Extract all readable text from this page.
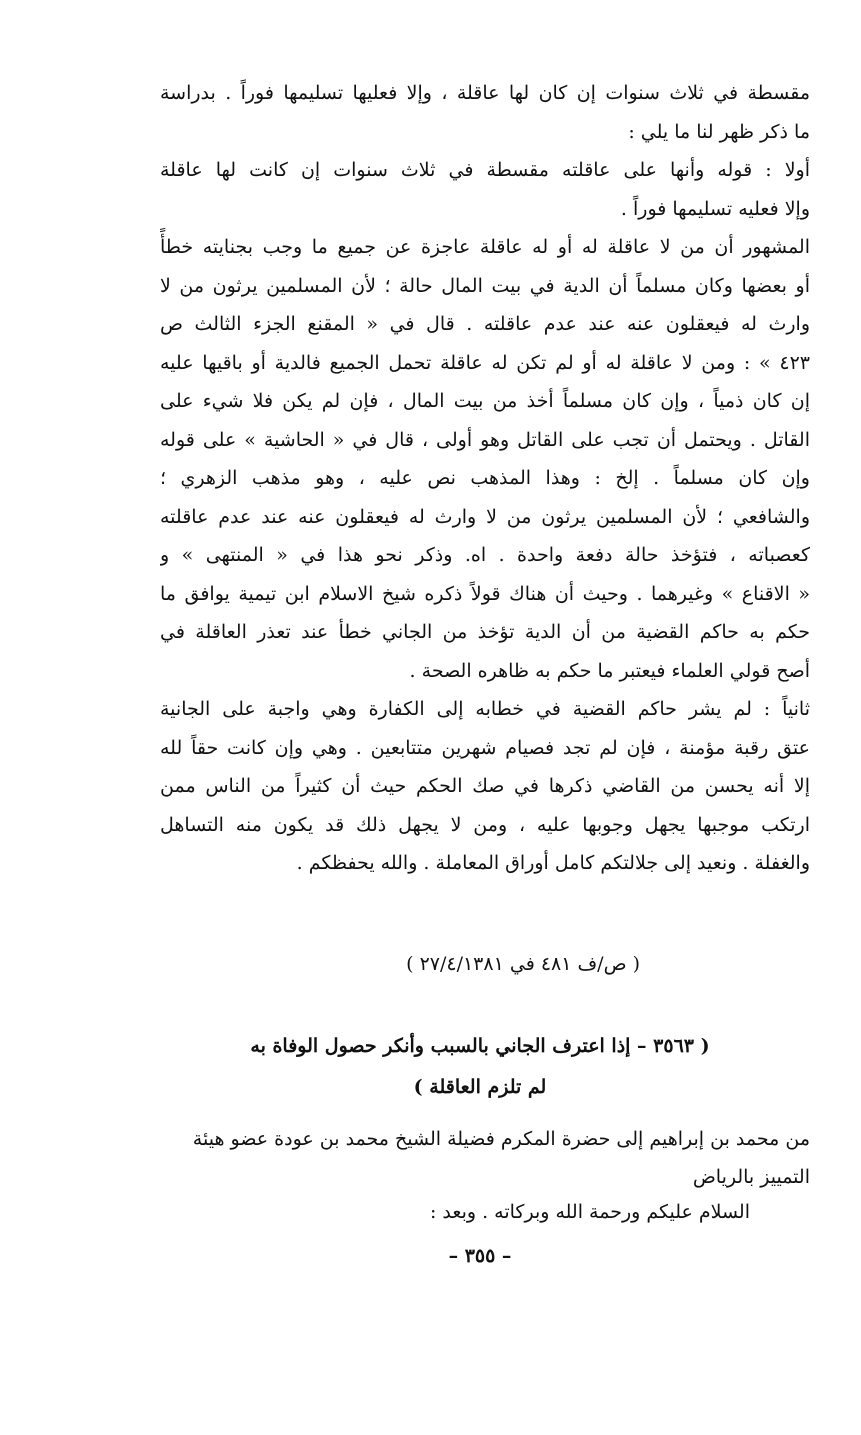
مقسطة في ثلاث سنوات إن كان لها عاقلة ، وإلا فعليها تسليمها فوراً . بدراسة
ما ذكر ظهر لنا ما يلي :
أولا : قوله وأنها على عاقلته مقسطة في ثلاث سنوات إن كانت لها عاقلة
وإلا فعليه تسليمها فوراً .
المشهور أن من لا عاقلة له أو له عاقلة عاجزة عن جميع ما وجب بجنايته خطأً
أو بعضها وكان مسلماً أن الدية في بيت المال حالة ؛ لأن المسلمين يرثون من لا
وارث له فيعقلون عنه عند عدم عاقلته . قال في « المقنع الجزء الثالث ص
٤٢٣ » : ومن لا عاقلة له أو لم تكن له عاقلة تحمل الجميع فالدية أو باقيها عليه
إن كان ذمياً ، وإن كان مسلماً أخذ من بيت المال ، فإن لم يكن فلا شيء على
القاتل . ويحتمل أن تجب على القاتل وهو أولى ، قال في « الحاشية » على قوله
وإن كان مسلماً . إلخ : وهذا المذهب نص عليه ، وهو مذهب الزهري ؛
والشافعي ؛ لأن المسلمين يرثون من لا وارث له فيعقلون عنه عند عدم عاقلته
كعصباته ، فتؤخذ حالة دفعة واحدة . اه. وذكر نحو هذا في « المنتهى » و
« الاقناع » وغيرهما . وحيث أن هناك قولاً ذكره شيخ الاسلام ابن تيمية يوافق ما
حكم به حاكم القضية من أن الدية تؤخذ من الجاني خطأ عند تعذر العاقلة في
أصح قولي العلماء فيعتبر ما حكم به ظاهره الصحة .
ثانياً : لم يشر حاكم القضية في خطابه إلى الكفارة وهي واجبة على الجانية
عتق رقبة مؤمنة ، فإن لم تجد فصيام شهرين متتابعين . وهي وإن كانت حقاً لله
إلا أنه يحسن من القاضي ذكرها في صك الحكم حيث أن كثيراً من الناس ممن
ارتكب موجبها يجهل وجوبها عليه ، ومن لا يجهل ذلك قد يكون منه التساهل
والغفلة . ونعيد إلى جلالتكم كامل أوراق المعاملة . والله يحفظكم .
( ص/ف ٤٨١ في ٢٧/٤/١٣٨١ )
( ٣٥٦٣ – إذا اعترف الجاني بالسبب وأنكر حصول الوفاة به
لم تلزم العاقلة )
من محمد بن إبراهيم إلى حضرة المكرم فضيلة الشيخ محمد بن عودة عضو هيئة التمييز بالرياض
السلام عليكم ورحمة الله وبركاته . وبعد :
– ٣٥٥ –
